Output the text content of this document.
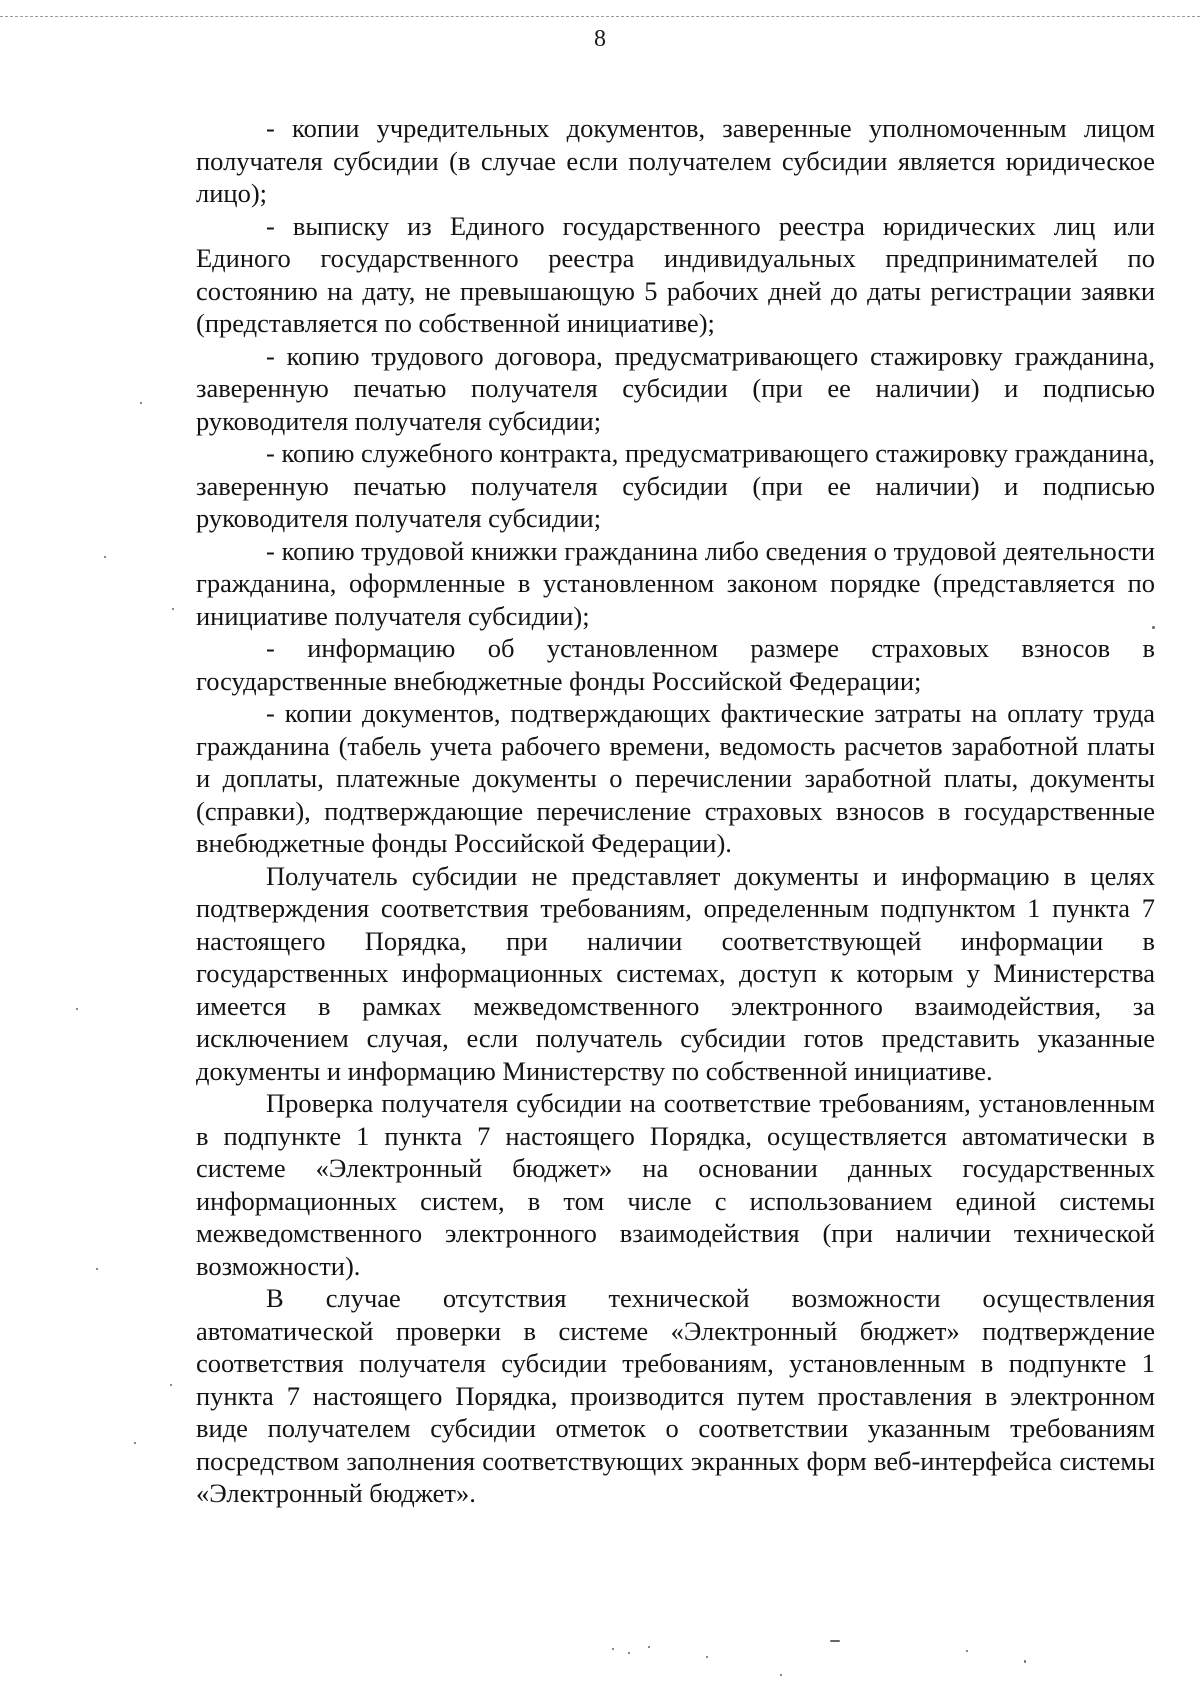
8

- копии учредительных документов, заверенные уполномоченным лицом получателя субсидии (в случае если получателем субсидии является юридическое лицо);

- выписку из Единого государственного реестра юридических лиц или Единого государственного реестра индивидуальных предпринимателей по состоянию на дату, не превышающую 5 рабочих дней до даты регистрации заявки (представляется по собственной инициативе);

- копию трудового договора, предусматривающего стажировку гражданина, заверенную печатью получателя субсидии (при ее наличии) и подписью руководителя получателя субсидии;

- копию служебного контракта, предусматривающего стажировку гражданина, заверенную печатью получателя субсидии (при ее наличии) и подписью руководителя получателя субсидии;

- копию трудовой книжки гражданина либо сведения о трудовой деятельности гражданина, оформленные в установленном законом порядке (представляется по инициативе получателя субсидии);

- информацию об установленном размере страховых взносов в государственные внебюджетные фонды Российской Федерации;

- копии документов, подтверждающих фактические затраты на оплату труда гражданина (табель учета рабочего времени, ведомость расчетов заработной платы и доплаты, платежные документы о перечислении заработной платы, документы (справки), подтверждающие перечисление страховых взносов в государственные внебюджетные фонды Российской Федерации).

Получатель субсидии не представляет документы и информацию в целях подтверждения соответствия требованиям, определенным подпунктом 1 пункта 7 настоящего Порядка, при наличии соответствующей информации в государственных информационных системах, доступ к которым у Министерства имеется в рамках межведомственного электронного взаимодействия, за исключением случая, если получатель субсидии готов представить указанные документы и информацию Министерству по собственной инициативе.

Проверка получателя субсидии на соответствие требованиям, установленным в подпункте 1 пункта 7 настоящего Порядка, осуществляется автоматически в системе «Электронный бюджет» на основании данных государственных информационных систем, в том числе с использованием единой системы межведомственного электронного взаимодействия (при наличии технической возможности).

В случае отсутствия технической возможности осуществления автоматической проверки в системе «Электронный бюджет» подтверждение соответствия получателя субсидии требованиям, установленным в подпункте 1 пункта 7 настоящего Порядка, производится путем проставления в электронном виде получателем субсидии отметок о соответствии указанным требованиям посредством заполнения соответствующих экранных форм веб-интерфейса системы «Электронный бюджет».
